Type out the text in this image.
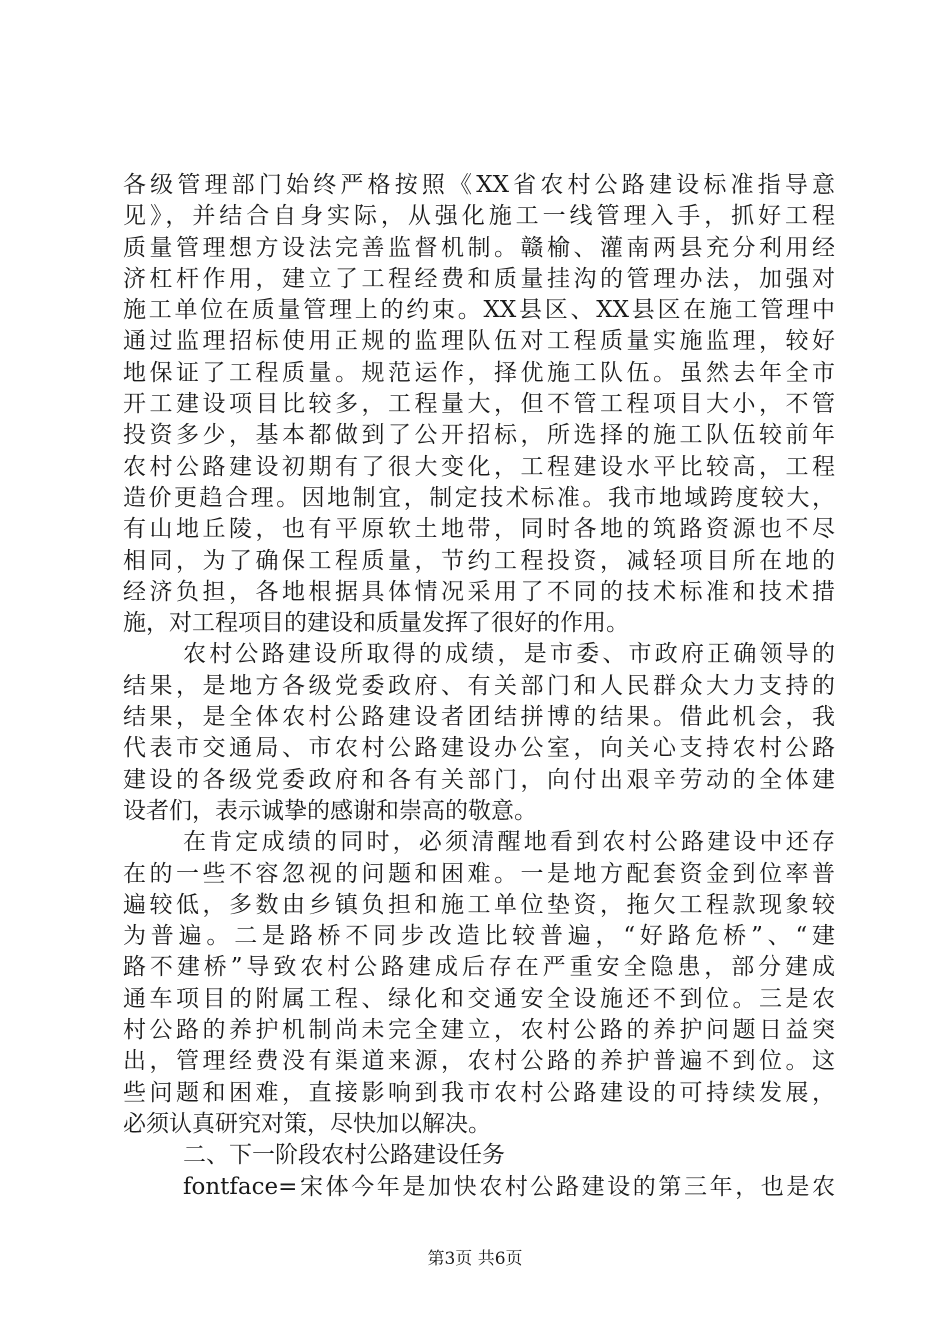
各级管理部门始终严格按照《XX省农村公路建设标准指导意
见》，并结合自身实际，从强化施工一线管理入手，抓好工程
质量管理想方设法完善监督机制。赣榆、灌南两县充分利用经
济杠杆作用，建立了工程经费和质量挂沟的管理办法，加强对
施工单位在质量管理上的约束。XX县区、XX县区在施工管理中
通过监理招标使用正规的监理队伍对工程质量实施监理，较好
地保证了工程质量。规范运作，择优施工队伍。虽然去年全市
开工建设项目比较多，工程量大，但不管工程项目大小，不管
投资多少，基本都做到了公开招标，所选择的施工队伍较前年
农村公路建设初期有了很大变化，工程建设水平比较高，工程
造价更趋合理。因地制宜，制定技术标准。我市地域跨度较大，
有山地丘陵，也有平原软土地带，同时各地的筑路资源也不尽
相同，为了确保工程质量，节约工程投资，减轻项目所在地的
经济负担，各地根据具体情况采用了不同的技术标准和技术措
施，对工程项目的建设和质量发挥了很好的作用。
农村公路建设所取得的成绩，是市委、市政府正确领导的
结果，是地方各级党委政府、有关部门和人民群众大力支持的
结果，是全体农村公路建设者团结拼博的结果。借此机会，我
代表市交通局、市农村公路建设办公室，向关心支持农村公路
建设的各级党委政府和各有关部门，向付出艰辛劳动的全体建
设者们，表示诚挚的感谢和崇高的敬意。
在肯定成绩的同时，必须清醒地看到农村公路建设中还存
在的一些不容忽视的问题和困难。一是地方配套资金到位率普
遍较低，多数由乡镇负担和施工单位垫资，拖欠工程款现象较
为普遍。二是路桥不同步改造比较普遍，“好路危桥”、“建
路不建桥”导致农村公路建成后存在严重安全隐患，部分建成
通车项目的附属工程、绿化和交通安全设施还不到位。三是农
村公路的养护机制尚未完全建立，农村公路的养护问题日益突
出，管理经费没有渠道来源，农村公路的养护普遍不到位。这
些问题和困难，直接影响到我市农村公路建设的可持续发展，
必须认真研究对策，尽快加以解决。
二、下一阶段农村公路建设任务
fontface=宋体今年是加快农村公路建设的第三年，也是农
第3页 共6页
